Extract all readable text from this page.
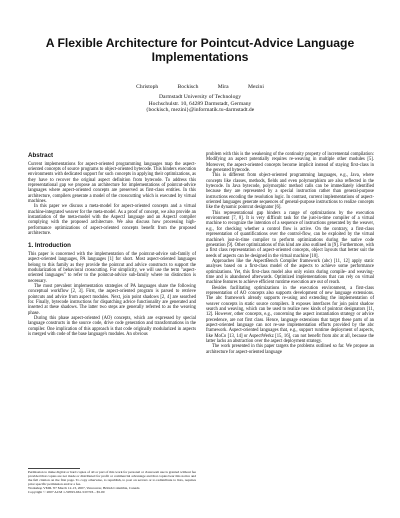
A Flexible Architecture for Pointcut-Advice Language
Implementations
Christoph Bockisch Mira Mezini
Darmstadt University of Technology
Hochschulstr. 10, 64289 Darmstadt, Germany
{bockisch, mezini}@informatik.tu-darmstadt.de
Abstract

Current implementations for aspect-oriented programming languages map the aspect-oriented concepts of source programs to object-oriented bytecode. This hinders execution environments with dedicated support for such concepts in applying their optimizations, as they have to recover the original aspect definition from bytecode. To address this representational gap we propose an architecture for implementations of pointcut-advice languages where aspect-oriented concepts are preserved as first-class entities. In this architecture, compilers generate a model of the crosscutting which is executed by virtual machines.

In this paper we discuss a meta-model for aspect-oriented concepts and a virtual machine-integrated weaver for the meta-model. As a proof of concept, we also provide an instantiation of the meta-model with the AspectJ language and an AspectJ compiler complying with the proposed architecture. We also discuss how processing high-performance optimizations of aspect-oriented concepts benefit from the proposed architecture.

1. Introduction

This paper is concerned with the implementation of the pointcut-advice sub-family of aspect-oriented languages, PA languages [1] for short. Most aspect-oriented languages belong to this family as they provide the pointcut and advice constructs to support the modularization of behavioral crosscutting. For simplicity, we will use the term "aspect-oriented languages" to refer to the pointcut-advice sub-family where no distinction is necessary.

The most prevalent implementation strategies of PA languages share the following conceptual workflow [2, 3]. First, the aspect-oriented program is parsed to retrieve pointcuts and advice from aspect modules. Next, join point shadows [2, 4] are searched for. Finally, bytecode instructions for dispatching advice functionality are generated and inserted at these shadows. The latter two steps are generally referred to as the weaving phase.

During this phase aspect-oriented (AO) concepts, which are expressed by special language constructs in the source code, drive code generation and transformations in the compiler. One implication of this approach is that code originally modularized in aspects is merged with code of the base language's modules. An obvious

problem with this is the weakening of the continuity property of incremental compilation: Modifying an aspect potentially requires re-weaving in multiple other modules [5]. Moreover, the aspect-oriented concepts become implicit instead of staying first-class in the generated bytecode.

This is different from object-oriented programming languages, e.g., Java, where concepts like classes, methods, fields and even polymorphism are also reflected in the bytecode. In Java bytecode, polymorphic method calls can be immediately identified because they are represented by a special instruction rather than general-purpose instructions encoding the resolution logic. In contrast, current implementations of aspect-oriented languages generate sequences of general-purpose instructions to realize concepts like the dynamic pointcut designator [6].

This representational gap hinders a range of optimizations by the execution environment [7, 8]. It is very difficult task for the just-in-time compiler of a virtual machine to recognize the intention of a sequence of instructions generated by the weaver, e.g., for checking whether a control flow is active. On the contrary, a first-class representation of quantifications over the control-flow, can be exploited by the virtual machine's just-in-time compiler to perform optimizations during the native code generation [9]. Other optimizations of this kind are also outlined in [9]. Furthermore, with a first class representation of aspect-oriented concepts, object layouts that better suit the needs of aspects can be designed in the virtual machine [10].

Approaches like the AspectBench Compiler framework (abc) [11, 12] apply static analyses based on a first-class model of the aspects to achieve some performance optimizations. Yet, this first-class model also only exists during compile- and weaving-time and is abandoned afterwards. Optimized implementations that can rely on virtual machine features to achieve efficient runtime execution are out of reach.

Besides facilitating optimizations in the execution environment, a first-class representation of AO concepts also supports development of new language extensions. The abc framework already supports re-using and extending the implementation of weaver concepts in static source compilers. It exposes interfaces for join point shadow search and weaving, which can be used to realize new kinds of pointcut designators [11, 12]. However, other concepts, e.g., concerning the aspect instantiation strategy or advice precedence, are not first class. Hence, language extensions that target these parts of an aspect-oriented language can not re-use implementation efforts provided by the abc framework. Aspect-oriented languages that, e.g., support runtime deployment of aspects, like MoCo [13, 14] or AspectWerkz [15, 16], can not benefit from abc at all, because the latter lacks an abstraction over the aspect deployment strategy.

The work presented in this paper targets the problems outlined so far. We propose an architecture for aspect-oriented language

Permission to make digital or hard copies of all or part of this work for personal or classroom use is granted without fee provided that copies are not made or distributed for profit or commercial advantage and that copies bear this notice and the full citation on the first page. To copy otherwise, to republish, to post on servers or to redistribute to lists, requires prior specific permission and/or a fee.
Workshop VMIL '07 March 12-13, 2007, Vancouver, British Columbia, Canada
Copyright © 2007 ACM 1-59593-661-5/07/03... $5.00
